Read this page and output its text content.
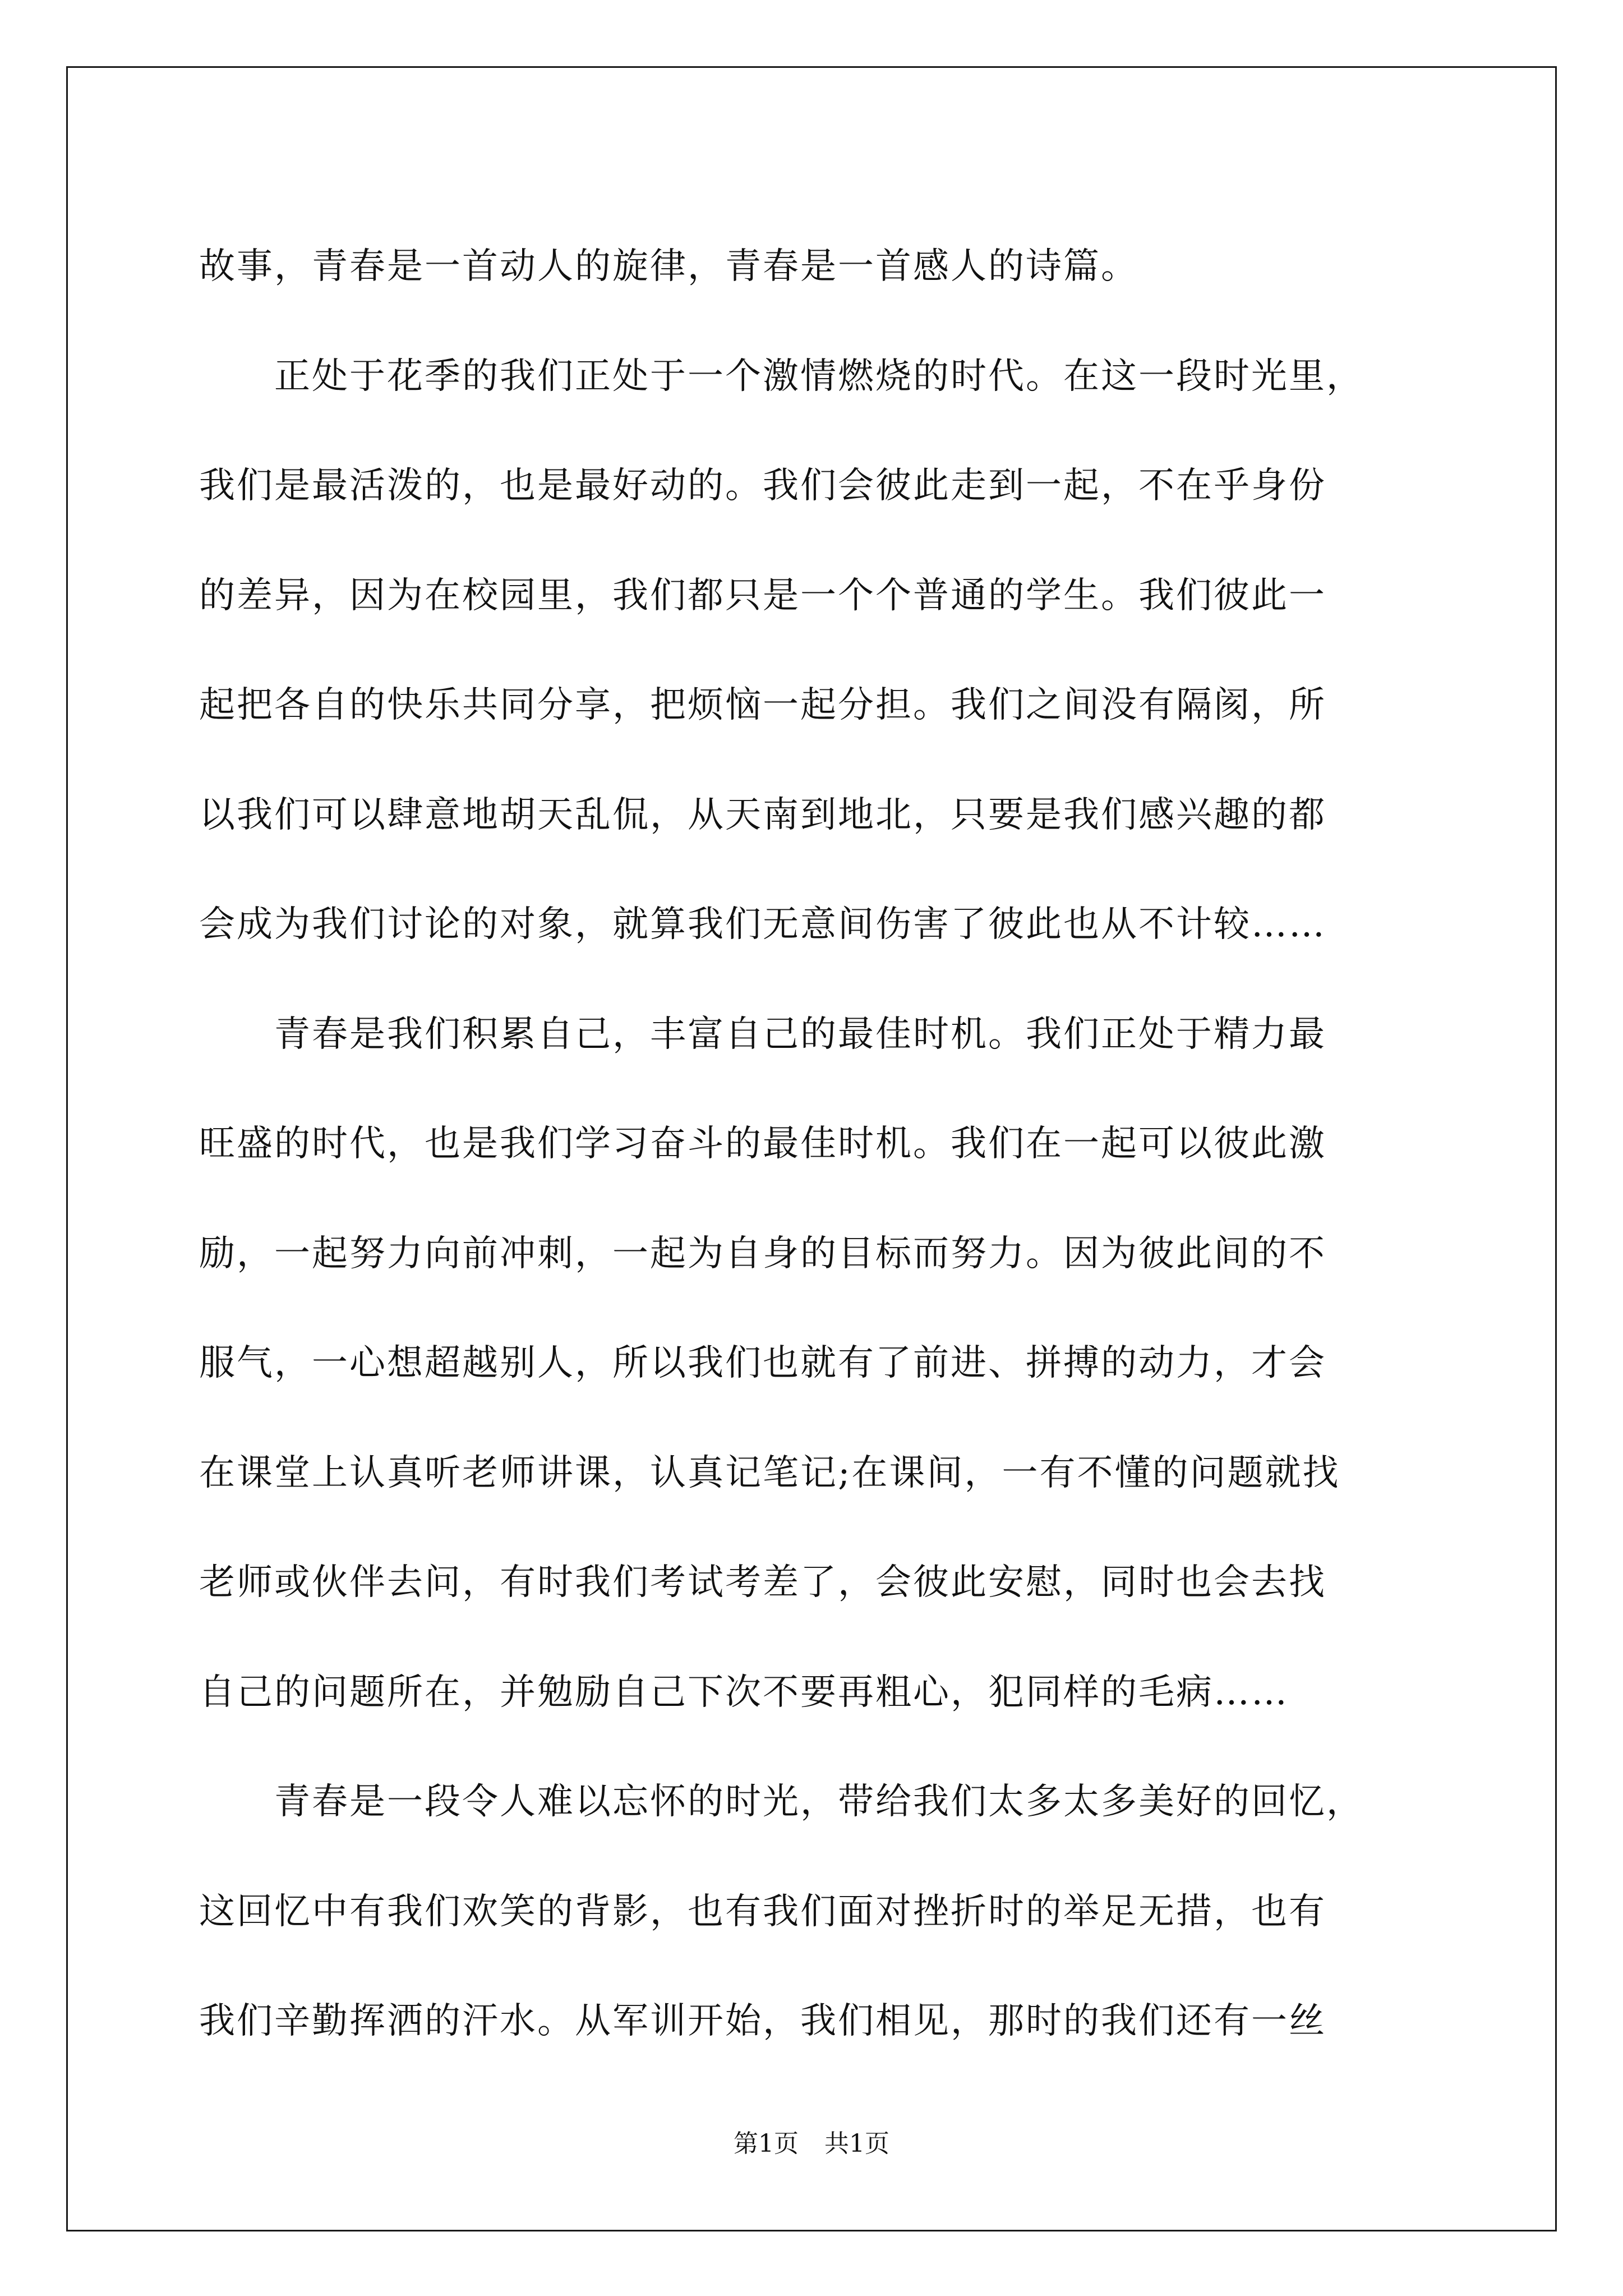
故事，青春是一首动人的旋律，青春是一首感人的诗篇。
　　正处于花季的我们正处于一个激情燃烧的时代。在这一段时光里，
我们是最活泼的，也是最好动的。我们会彼此走到一起，不在乎身份
的差异，因为在校园里，我们都只是一个个普通的学生。我们彼此一
起把各自的快乐共同分享，把烦恼一起分担。我们之间没有隔阂，所
以我们可以肆意地胡天乱侃，从天南到地北，只要是我们感兴趣的都
会成为我们讨论的对象，就算我们无意间伤害了彼此也从不计较……
　　青春是我们积累自己，丰富自己的最佳时机。我们正处于精力最
旺盛的时代，也是我们学习奋斗的最佳时机。我们在一起可以彼此激
励，一起努力向前冲刺，一起为自身的目标而努力。因为彼此间的不
服气，一心想超越别人，所以我们也就有了前进、拼搏的动力，才会
在课堂上认真听老师讲课，认真记笔记;在课间，一有不懂的问题就找
老师或伙伴去问，有时我们考试考差了，会彼此安慰，同时也会去找
自己的问题所在，并勉励自己下次不要再粗心，犯同样的毛病……
　　青春是一段令人难以忘怀的时光，带给我们太多太多美好的回忆，
这回忆中有我们欢笑的背影，也有我们面对挫折时的举足无措，也有
我们辛勤挥洒的汗水。从军训开始，我们相见，那时的我们还有一丝
第1页 共1页
